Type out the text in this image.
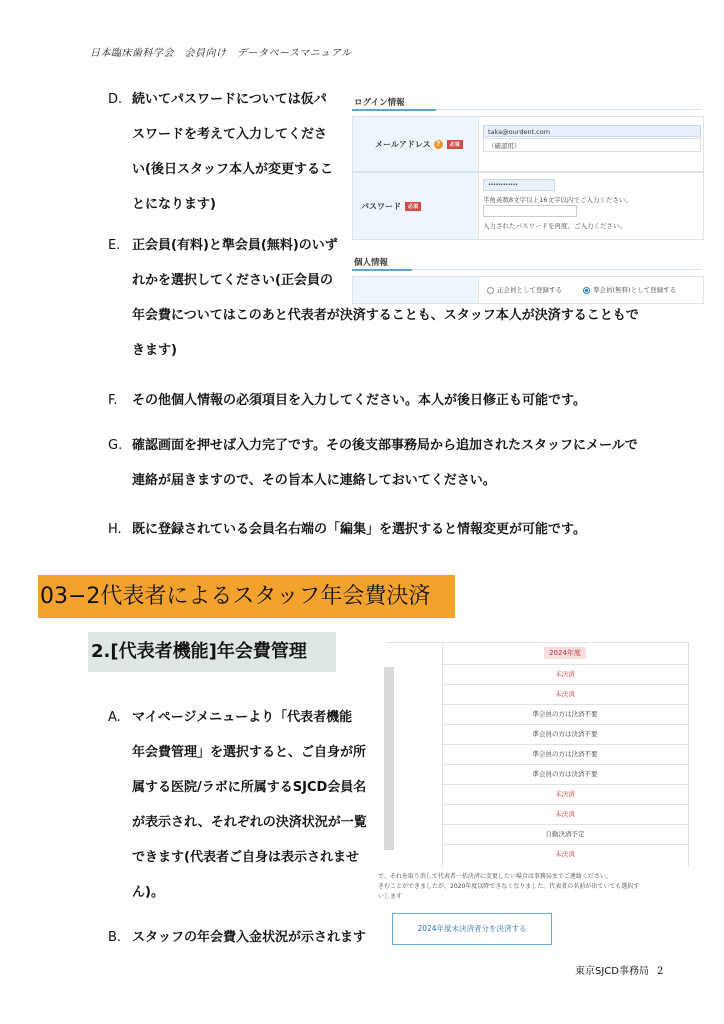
日本臨床歯科学会　会員向け　データベースマニュアル
D. 続いてパスワードについては仮パ
スワードを考えて入力してくださ
い(後日スタッフ本人が変更するこ
とになります)
E. 正会員(有料)と準会員(無料)のいず
れかを選択してください(正会員の
年会費についてはこのあと代表者が決済することも、スタッフ本人が決済することもで
きます)
F. その他個人情報の必須項目を入力してください。本人が後日修正も可能です。
G. 確認画面を押せば入力完了です。その後支部事務局から追加されたスタッフにメールで
連絡が届きますので、その旨本人に連絡しておいてください。
H. 既に登録されている会員名右端の「編集」を選択すると情報変更が可能です。
ログイン情報
メールアドレス ? 必須
taka@ourdent.com
（確認用）
パスワード 必須
••••••••••••
半角英数8文字以上16文字以内でご入力ください。
入力されたパスワードを再度、ご入力ください。
個人情報
正会員として登録する	準会員(無料)として登録する
03−2代表者によるスタッフ年会費決済
2.[代表者機能]年会費管理
A. マイページメニューより「代表者機能
年会費管理」を選択すると、ご自身が所
属する医院/ラボに所属するSJCD会員名
が表示され、それぞれの決済状況が一覧
できます(代表者ご自身は表示されませ
ん)。
B. スタッフの年会費入金状況が示されます
2024年度
未決済
未決済
準会員の方は決済不要
準会員の方は決済不要
準会員の方は決済不要
準会員の方は決済不要
未決済
未決済
自動決済予定
未決済
で、それを取り消して代表者一括決済に変更したい場合は事務局までご連絡ください。
きむことができましたが、2020年度以降できなくなりました。代表者の名前が出ていても選択す
いします
2024年度未決済者分を決済する
東京SJCD事務局 2
